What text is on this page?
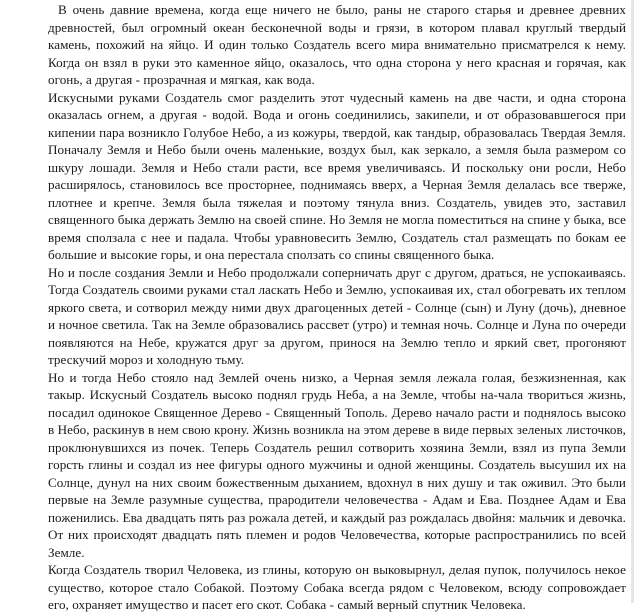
В очень давние времена, когда еще ничего не было, раны не старого старья и древнее древних древностей, был огромный океан бесконечной воды и грязи, в котором плавал круглый твердый камень, похожий на яйцо. И один только Создатель всего мира внимательно присматрелся к нему. Когда он взял в руки это каменное яйцо, оказалось, что одна сторона у него красная и горячая, как огонь, а другая - прозрачная и мягкая, как вода.

Искусными руками Создатель смог разделить этот чудесный камень на две части, и одна сторона оказалась огнем, а другая - водой. Вода и огонь соединились, закипели, и от образовавшегося при кипении пара возникло Голубое Небо, а из кожуры, твердой, как тандыр, образовалась Твердая Земля. Поначалу Земля и Небо были очень маленькие, воздух был, как зеркало, а земля была размером со шкуру лошади. Земля и Небо стали расти, все время увеличиваясь. И поскольку они росли, Небо расширялось, становилось все просторнее, поднимаясь вверх, а Черная Земля делалась все тверже, плотнее и крепче. Земля была тяжелая и поэтому тянула вниз. Создатель, увидев это, заставил священного быка держать Землю на своей спине. Но Земля не могла поместиться на спине у быка, все время сползала с нее и падала. Чтобы уравновесить Землю, Создатель стал размещать по бокам ее большие и высокие горы, и она перестала сползать со спины священного быка.

Но и после создания Земли и Небо продолжали соперничать друг с другом, драться, не успокаиваясь. Тогда Создатель своими руками стал ласкать Небо и Землю, успокаивая их, стал обогревать их теплом яркого света, и сотворил между ними двух драгоценных детей - Солнце (сын) и Луну (дочь), дневное и ночное светила. Так на Земле образовались рассвет (утро) и темная ночь. Солнце и Луна по очереди появляются на Небе, кружатся друг за другом, принося на Землю тепло и яркий свет, прогоняют трескучий мороз и холодную тьму.

Но и тогда Небо стояло над Землей очень низко, а Черная земля лежала голая, безжизненная, как такыр. Искусный Создатель высоко поднял грудь Неба, а на Земле, чтобы на-чала твориться жизнь, посадил одинокое Священное Дерево - Священный Тополь. Дерево начало расти и поднялось высоко в Небо, раскинув в нем свою крону. Жизнь возникла на этом дереве в виде первых зеленых листочков, проклюнувшихся из почек. Теперь Создатель решил сотворить хозяина Земли, взял из пупа Земли горсть глины и создал из нее фигуры одного мужчины и одной женщины. Создатель высушил их на Солнце, дунул на них своим божественным дыханием, вдохнул в них душу и так оживил. Это были первые на Земле разумные существа, прародители человечества - Адам и Ева. Позднее Адам и Ева поженились. Ева двадцать пять раз рожала детей, и каждый раз рождалась двойня: мальчик и девочка. От них происходят двадцать пять племен и родов Человечества, которые распространились по всей Земле.

Когда Создатель творил Человека, из глины, которую он выковырнул, делая пупок, получилось некое существо, которое стало Собакой. Поэтому Собака всегда рядом с Человеком, всюду сопровождает его, охраняет имущество и пасет его скот. Собака - самый верный спутник Человека.
